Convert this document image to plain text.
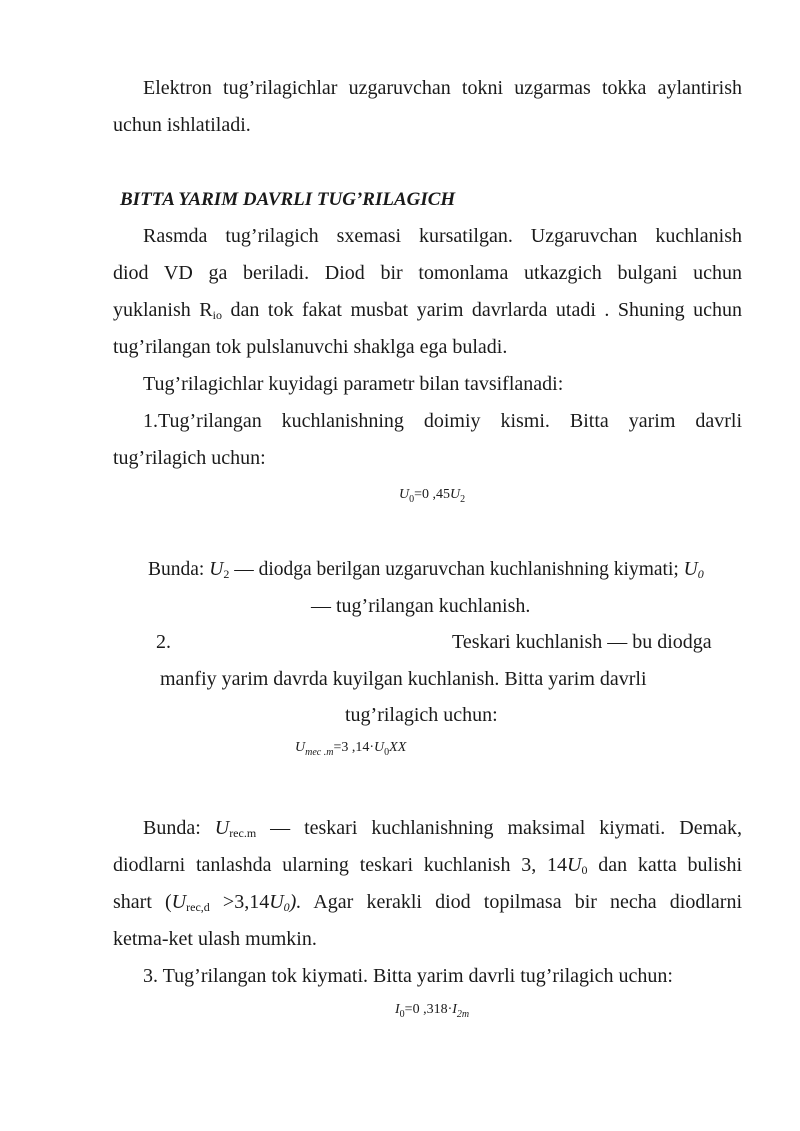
Elektron tug’rilagichlar uzgaruvchan tokni uzgarmas tokka aylantirish

uchun ishlatiladi.

BITTA YARIM DAVRLI TUG’RILAGICH

Rasmda tug’rilagich sxemasi kursatilgan. Uzgaruvchan kuchlanish

diod VD ga beriladi. Diod bir tomonlama utkazgich bulgani uchun

yuklanish $R_{io}$ dan tok fakat musbat yarim davrlarda utadi . Shuning uchun

tug’rilangan tok pulslanuvchi shaklga ega buladi.

Tug’rilagichlar kuyidagi parametr bilan tavsiflanadi:

1.Tug’rilangan kuchlanishning doimiy kismi. Bitta yarim davrli

tug’rilagich uchun:

$U_0=0$ $,45U_2$

Bunda: $U_2$ — diodga berilgan uzgaruvchan kuchlanishning kiymati; $U_0$

— tug’rilangan kuchlanish.

2.	Teskari kuchlanish — bu diodga

manfiy yarim davrda kuyilgan kuchlanish. Bitta yarim davrli

tug’rilagich uchun:

$U_{mec .m}=3$ $,14\cdot U_0XX$

Bunda: $U_{rec.m}$ — teskari kuchlanishning maksimal kiymati. Demak,

diodlarni tanlashda ularning teskari kuchlanish 3, $14U_0$ dan katta bulishi

shart $(U_{rec,d} >3,14U_0)$. Agar kerakli diod topilmasa bir necha diodlarni

ketma-ket ulash mumkin.

3. Tug’rilangan tok kiymati. Bitta yarim davrli tug’rilagich uchun:

$I_0=0$ $,318\cdot I_{2m}$
